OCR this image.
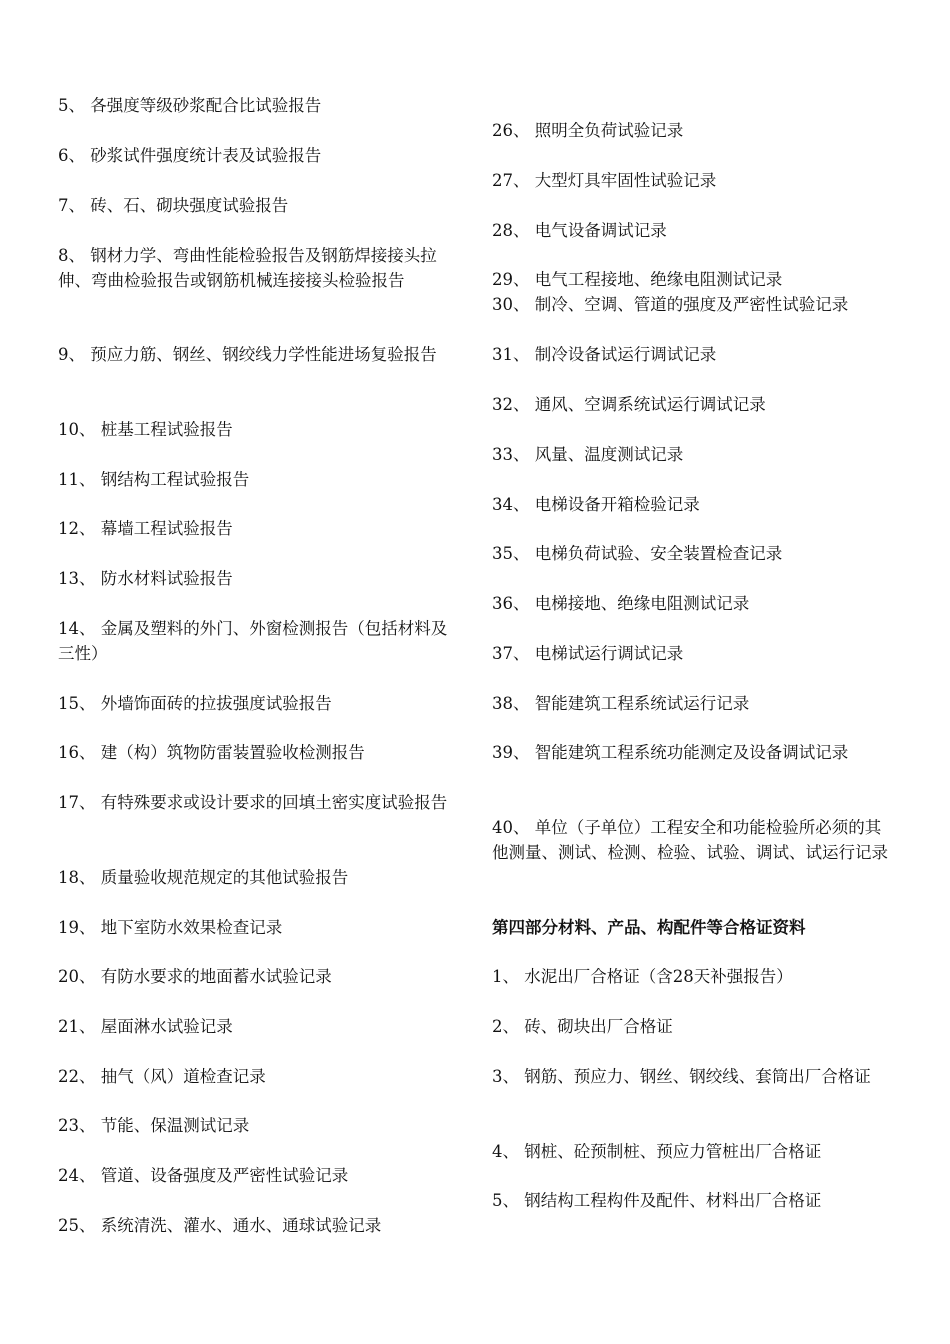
5、 各强度等级砂浆配合比试验报告

6、 砂浆试件强度统计表及试验报告

7、 砖、石、砌块强度试验报告

8、 钢材力学、弯曲性能检验报告及钢筋焊接接头拉伸、弯曲检验报告或钢筋机械连接接头检验报告

9、 预应力筋、钢丝、钢绞线力学性能进场复验报告

10、 桩基工程试验报告

11、 钢结构工程试验报告

12、 幕墙工程试验报告

13、 防水材料试验报告

14、 金属及塑料的外门、外窗检测报告（包括材料及三性）

15、 外墙饰面砖的拉拔强度试验报告

16、 建（构）筑物防雷装置验收检测报告

17、 有特殊要求或设计要求的回填土密实度试验报告

18、 质量验收规范规定的其他试验报告

19、 地下室防水效果检查记录

20、 有防水要求的地面蓄水试验记录

21、 屋面淋水试验记录

22、 抽气（风）道检查记录

23、 节能、保温测试记录

24、 管道、设备强度及严密性试验记录

25、 系统清洗、灌水、通水、通球试验记录

26、 照明全负荷试验记录

27、 大型灯具牢固性试验记录

28、 电气设备调试记录

29、 电气工程接地、绝缘电阻测试记录

30、 制冷、空调、管道的强度及严密性试验记录

31、 制冷设备试运行调试记录

32、 通风、空调系统试运行调试记录

33、 风量、温度测试记录

34、 电梯设备开箱检验记录

35、 电梯负荷试验、安全装置检查记录

36、 电梯接地、绝缘电阻测试记录

37、 电梯试运行调试记录

38、 智能建筑工程系统试运行记录

39、 智能建筑工程系统功能测定及设备调试记录

40、 单位（子单位）工程安全和功能检验所必须的其他测量、测试、检测、检验、试验、调试、试运行记录

第四部分材料、产品、构配件等合格证资料

1、 水泥出厂合格证（含28天补强报告）

2、 砖、砌块出厂合格证

3、 钢筋、预应力、钢丝、钢绞线、套筒出厂合格证

4、 钢桩、砼预制桩、预应力管桩出厂合格证

5、 钢结构工程构件及配件、材料出厂合格证
